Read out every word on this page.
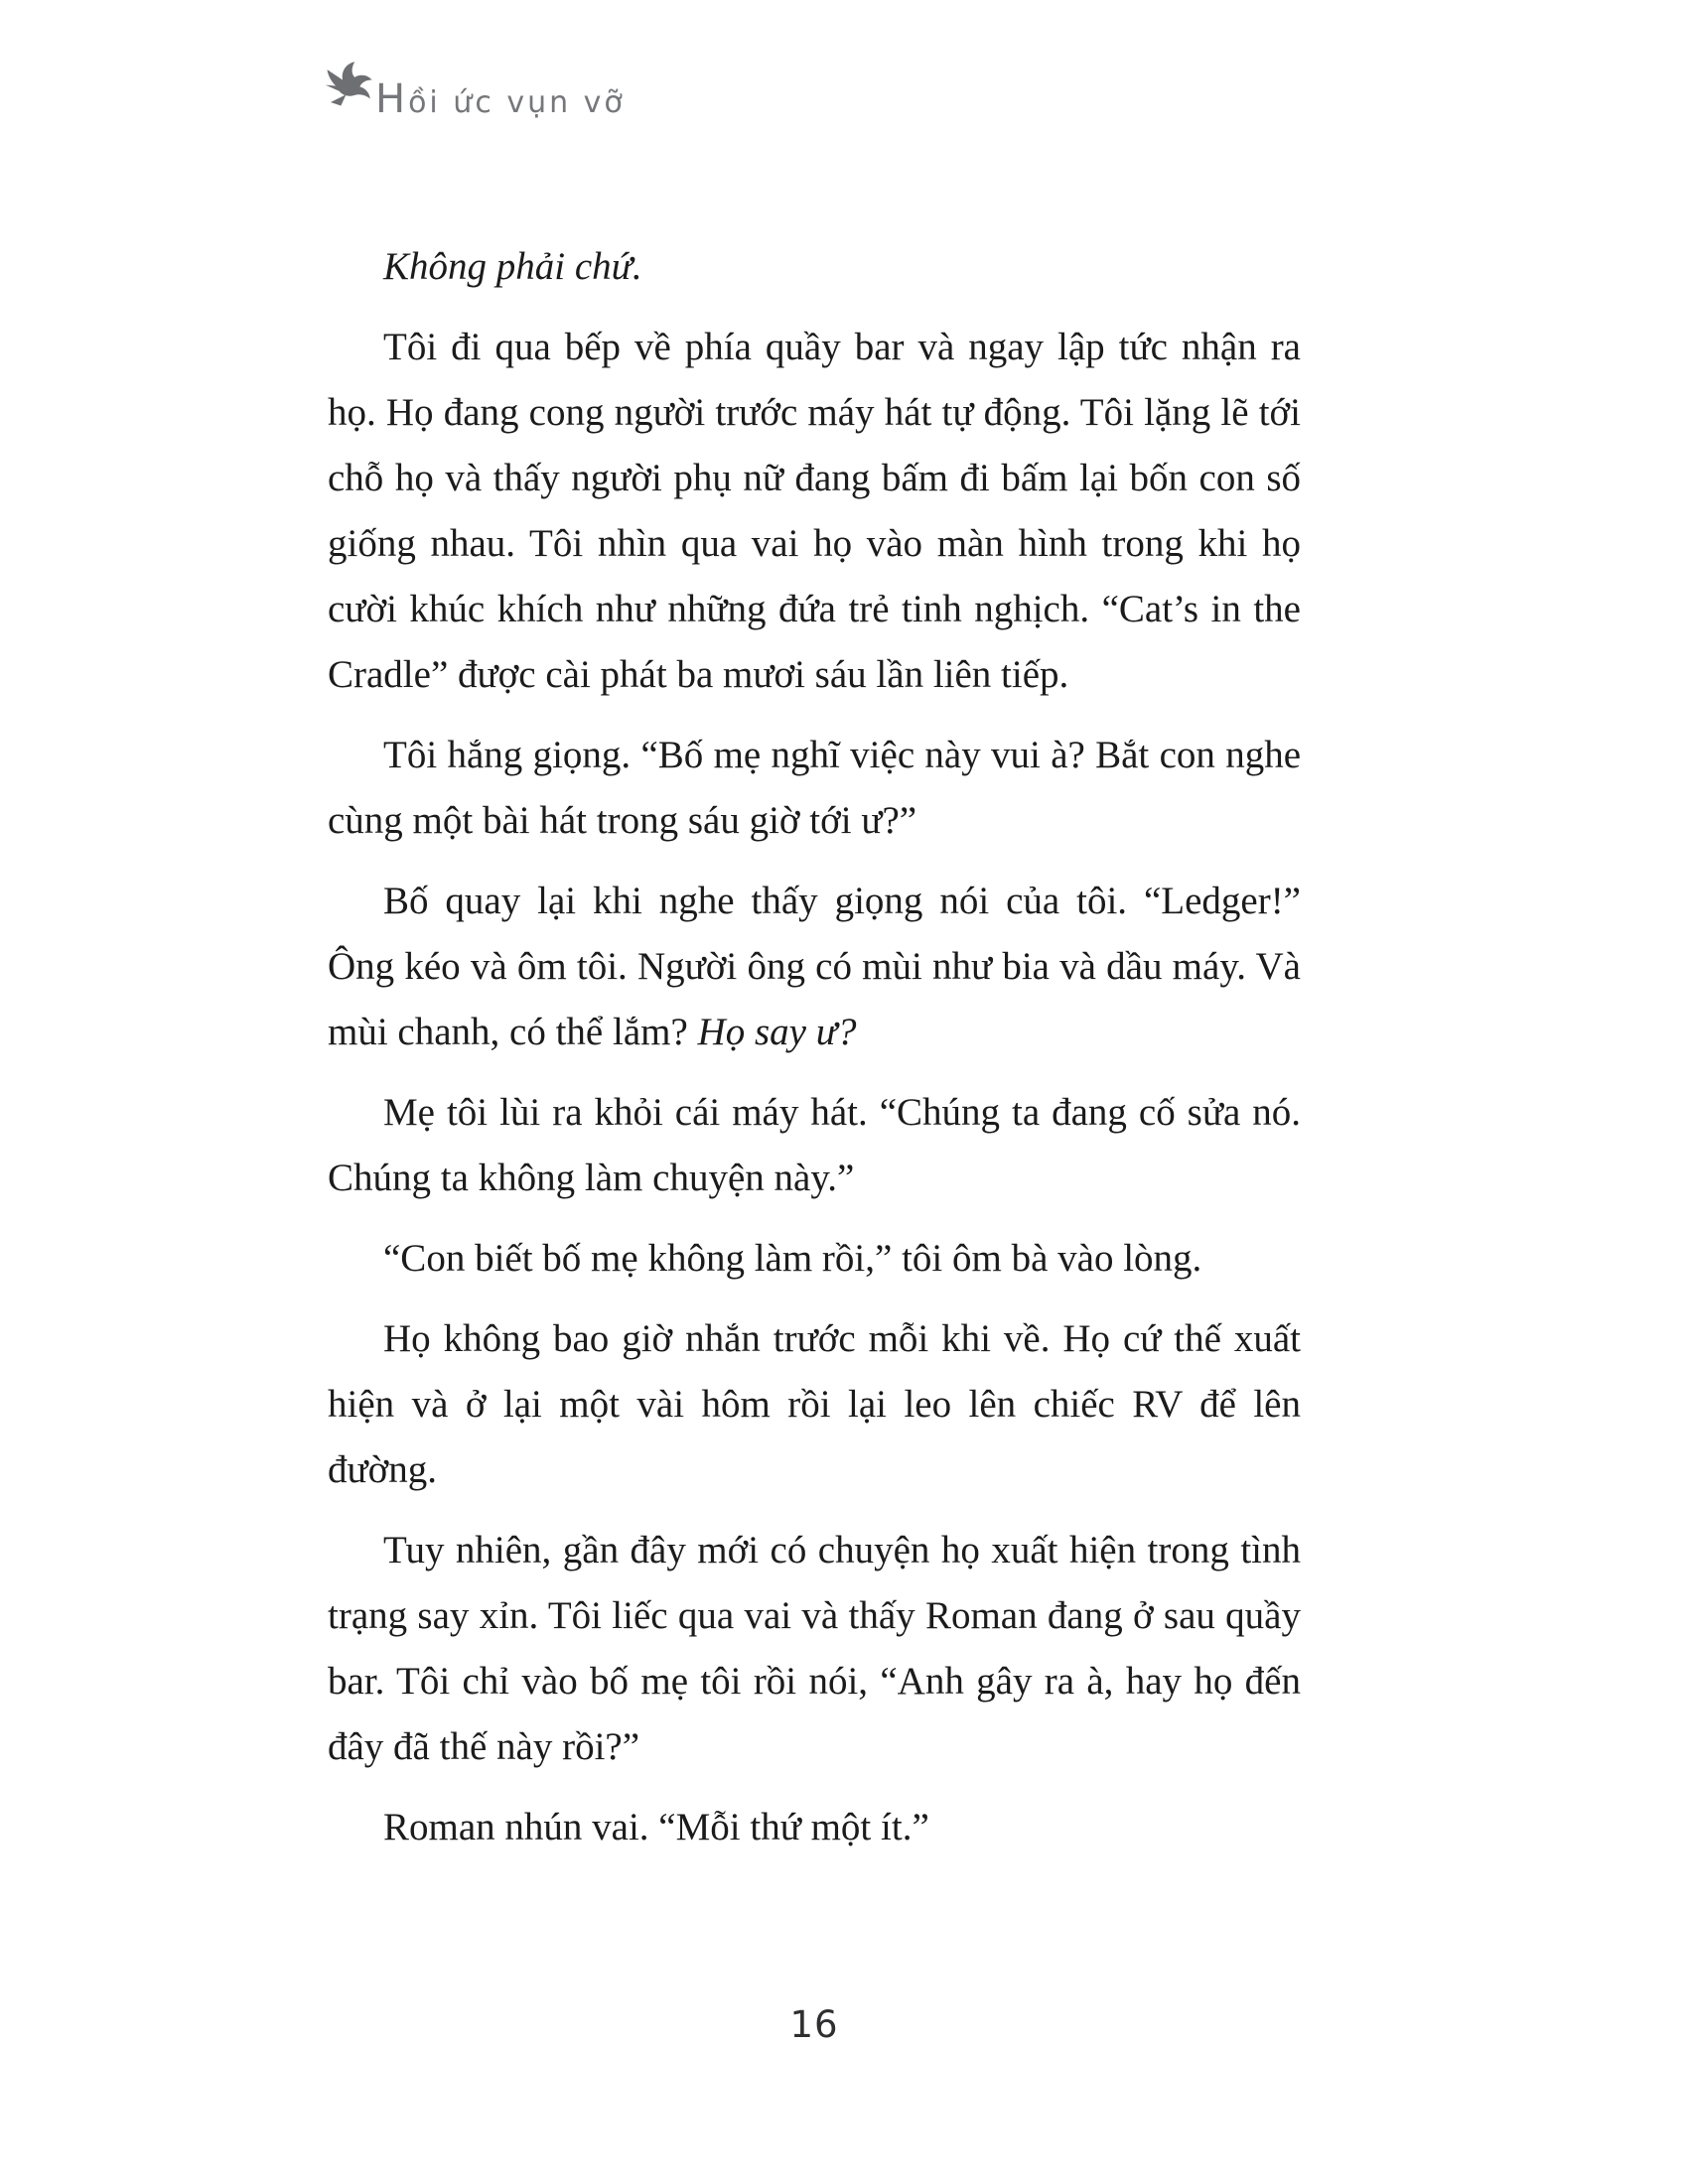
Hồi ức vụn vỡ

Không phải chứ.

Tôi đi qua bếp về phía quầy bar và ngay lập tức nhận ra họ. Họ đang cong người trước máy hát tự động. Tôi lặng lẽ tới chỗ họ và thấy người phụ nữ đang bấm đi bấm lại bốn con số giống nhau. Tôi nhìn qua vai họ vào màn hình trong khi họ cười khúc khích như những đứa trẻ tinh nghịch. “Cat’s in the Cradle” được cài phát ba mươi sáu lần liên tiếp.

Tôi hắng giọng. “Bố mẹ nghĩ việc này vui à? Bắt con nghe cùng một bài hát trong sáu giờ tới ư?”

Bố quay lại khi nghe thấy giọng nói của tôi. “Ledger!” Ông kéo và ôm tôi. Người ông có mùi như bia và dầu máy. Và mùi chanh, có thể lắm? Họ say ư?

Mẹ tôi lùi ra khỏi cái máy hát. “Chúng ta đang cố sửa nó. Chúng ta không làm chuyện này.”

“Con biết bố mẹ không làm rồi,” tôi ôm bà vào lòng.

Họ không bao giờ nhắn trước mỗi khi về. Họ cứ thế xuất hiện và ở lại một vài hôm rồi lại leo lên chiếc RV để lên đường.

Tuy nhiên, gần đây mới có chuyện họ xuất hiện trong tình trạng say xỉn. Tôi liếc qua vai và thấy Roman đang ở sau quầy bar. Tôi chỉ vào bố mẹ tôi rồi nói, “Anh gây ra à, hay họ đến đây đã thế này rồi?”

Roman nhún vai. “Mỗi thứ một ít.”

16
